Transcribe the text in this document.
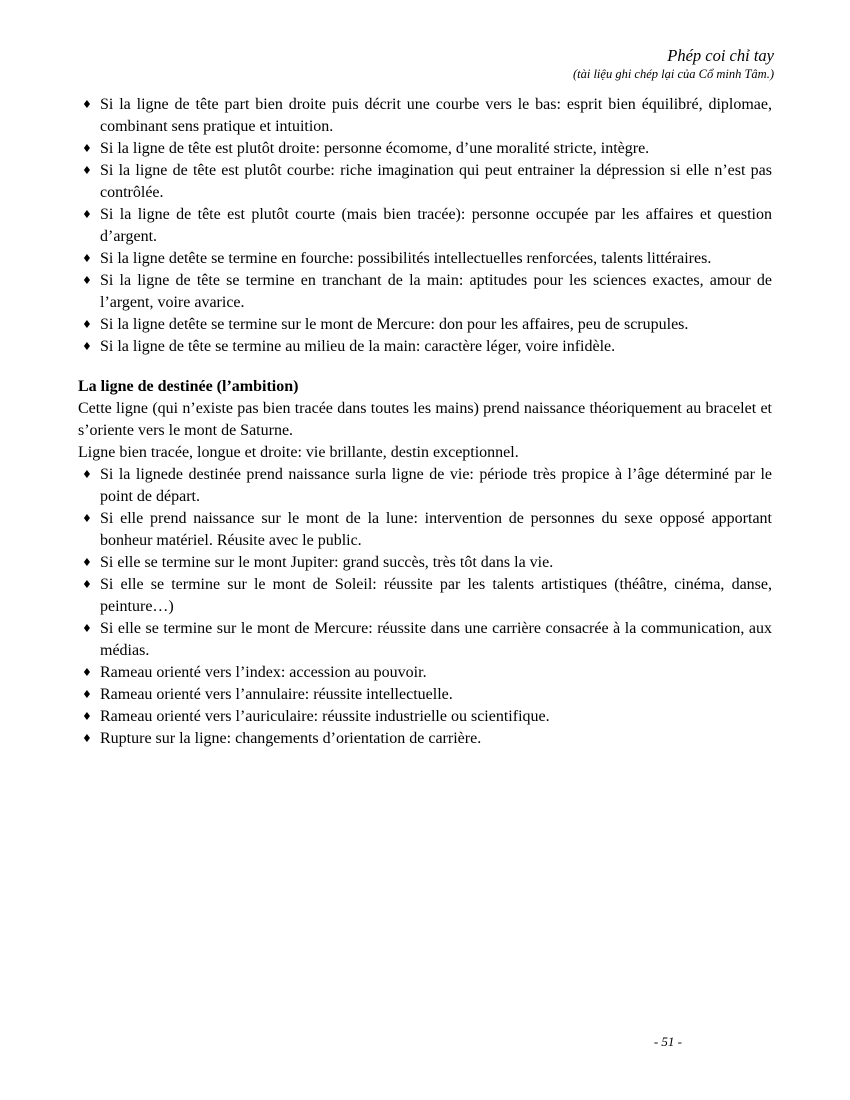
Phép coi chỉ tay
(tài liệu ghi chép lại của Cổ minh Tâm.)
♦ Si la ligne de tête part bien droite puis décrit une courbe vers le bas: esprit bien équilibré, diplomae, combinant sens pratique et intuition.
♦ Si la ligne de tête est plutôt droite: personne écomome, d’une moralité stricte, intègre.
♦ Si la ligne de tête est plutôt courbe: riche imagination qui peut entrainer la dépression si elle n’est pas contrôlée.
♦ Si la ligne de tête est plutôt courte (mais bien tracée): personne occupée par les affaires et question d’argent.
♦ Si la ligne detête se termine en fourche: possibilités intellectuelles renforcées, talents littéraires.
♦ Si la ligne de tête se termine en tranchant de la main: aptitudes pour les sciences exactes, amour de l’argent, voire avarice.
♦ Si la ligne detête se termine sur le mont de Mercure: don pour les affaires, peu de scrupules.
♦ Si la ligne de tête se termine au milieu de la main: caractère léger, voire infidèle.
La ligne de destinée (l’ambition)

Cette ligne (qui n’existe pas bien tracée dans toutes les mains) prend naissance théoriquement au bracelet et s’oriente vers le mont de Saturne.

Ligne bien tracée, longue et droite: vie brillante, destin exceptionnel.

♦ Si la lignede destinée prend naissance surla ligne de vie: période très propice à l’âge déterminé par le point de départ.
♦ Si elle prend naissance sur le mont de la lune: intervention de personnes du sexe opposé apportant bonheur matériel. Réusite avec le public.
♦ Si elle se termine sur le mont Jupiter: grand succès, très tôt dans la vie.
♦ Si elle se termine sur le mont de Soleil: réussite par les talents artistiques (théâtre, cinéma, danse, peinture…)
♦ Si elle se termine sur le mont de Mercure: réussite dans une carrière consacrée à la communication, aux médias.
♦ Rameau orienté vers l’index: accession au pouvoir.
♦ Rameau orienté vers l’annulaire: réussite intellectuelle.
♦ Rameau orienté vers l’auriculaire: réussite industrielle ou scientifique.
♦ Rupture sur la ligne: changements d’orientation de carrière.
- 51 -
